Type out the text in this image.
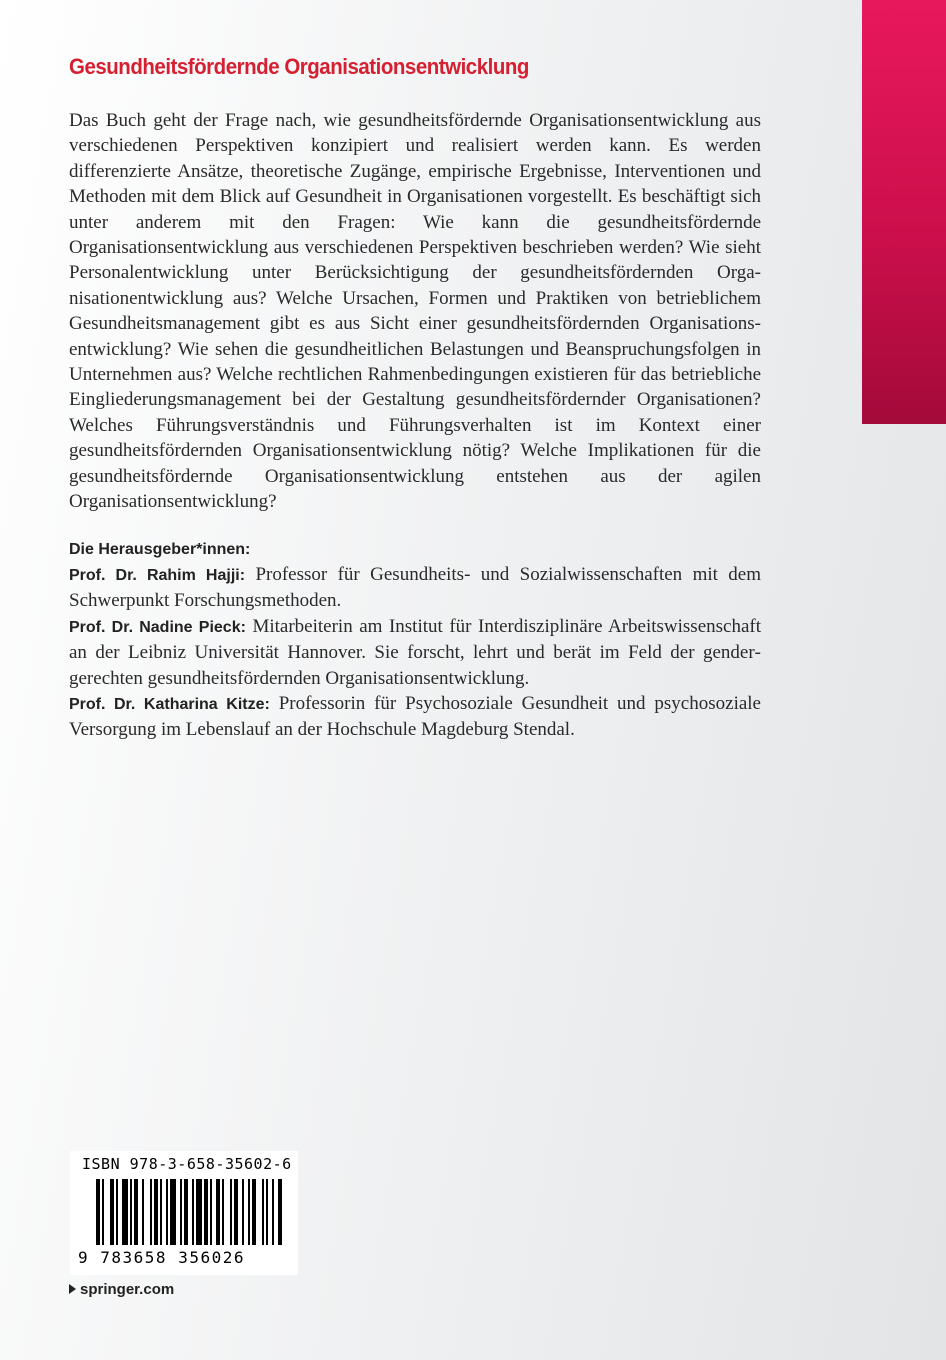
Gesundheitsfördernde Organisationsentwicklung

Das Buch geht der Frage nach, wie gesundheitsfördernde Organisationsentwicklung aus verschiedenen Perspektiven konzipiert und realisiert werden kann. Es werden differenzierte Ansätze, theoretische Zugänge, empirische Ergebnisse, Interventionen und Methoden mit dem Blick auf Gesundheit in Organisationen vorgestellt. Es beschäftigt sich unter anderem mit den Fragen: Wie kann die gesundheitsfördernde Organisationsentwicklung aus verschiedenen Perspektiven beschrieben werden? Wie sieht Personalentwicklung unter Berücksichtigung der gesundheitsfördernden Organisationentwicklung aus? Welche Ursachen, Formen und Praktiken von betrieblichem Gesundheitsmanagement gibt es aus Sicht einer gesundheitsfördernden Organisationsentwicklung? Wie sehen die gesundheitlichen Belastungen und Beanspruchungsfolgen in Unternehmen aus? Welche rechtlichen Rahmenbedingungen existieren für das betriebliche Eingliederungsmanagement bei der Gestaltung gesundheitsfördernder Organisationen? Welches Führungsverständnis und Führungsverhalten ist im Kontext einer gesundheitsfördernden Organisationsentwicklung nötig? Welche Implikationen für die gesundheitsfördernde Organisationsentwicklung entstehen aus der agilen Organisationsentwicklung?

Die Herausgeber*innen:
Prof. Dr. Rahim Hajji: Professor für Gesundheits- und Sozialwissenschaften mit dem Schwerpunkt Forschungsmethoden.
Prof. Dr. Nadine Pieck: Mitarbeiterin am Institut für Interdisziplinäre Arbeitswissenschaft an der Leibniz Universität Hannover. Sie forscht, lehrt und berät im Feld der gendergerechten gesundheitsfördernden Organisationsentwicklung.
Prof. Dr. Katharina Kitze: Professorin für Psychosoziale Gesundheit und psychosoziale Versorgung im Lebenslauf an der Hochschule Magdeburg Stendal.
ISBN 978-3-658-35602-6
9 783658 356026
springer.com
